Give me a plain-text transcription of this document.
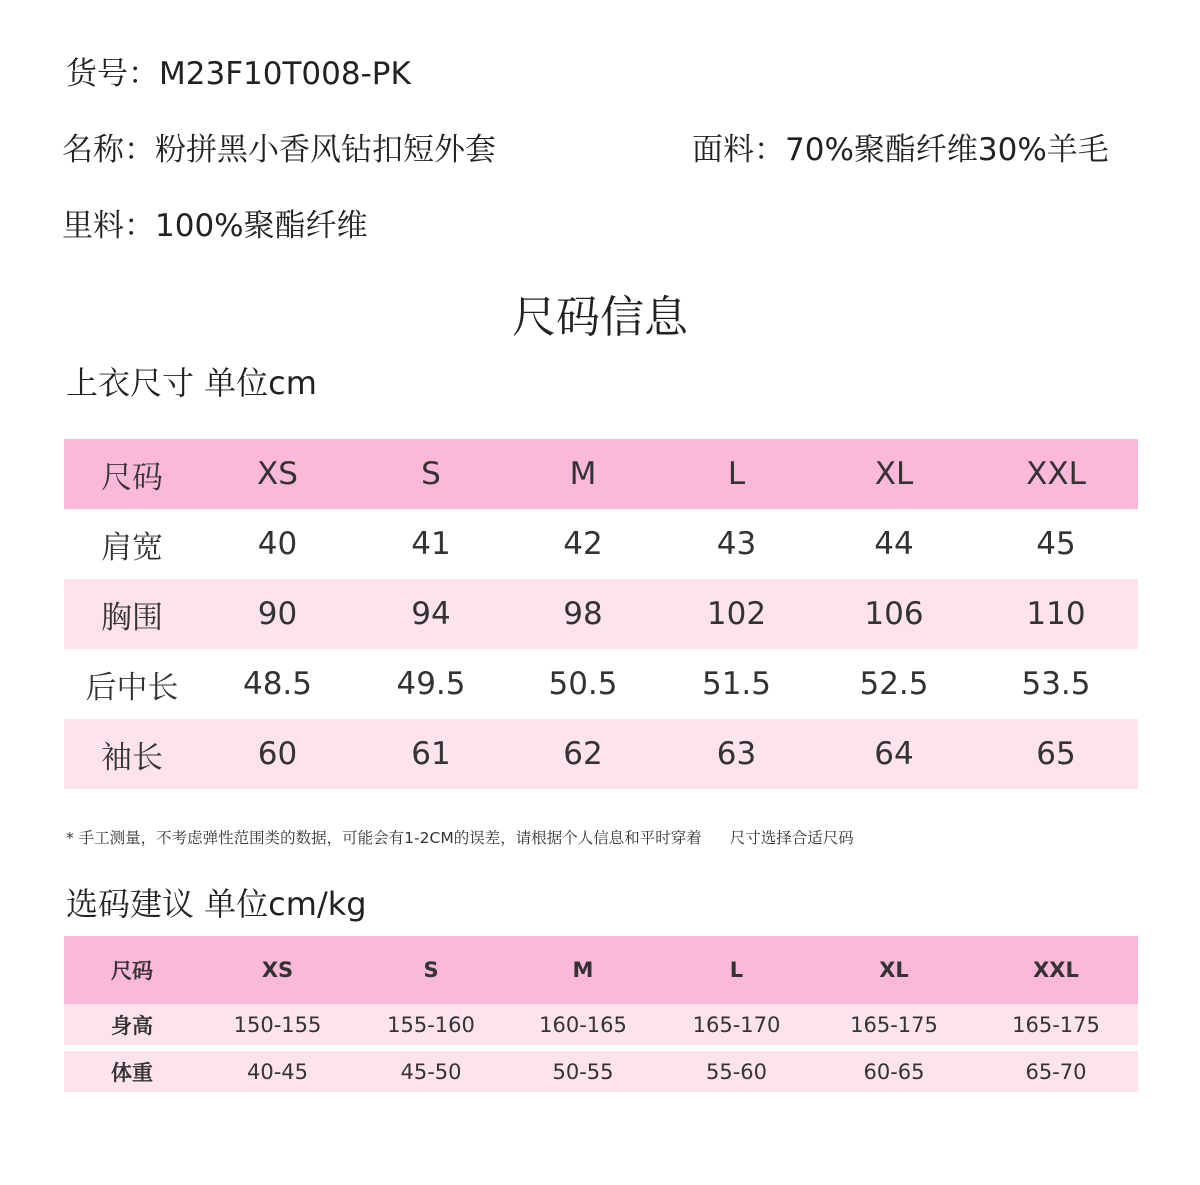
货号：M23F10T008-PK
名称：粉拼黑小香风钻扣短外套	面料：70%聚酯纤维30%羊毛
里料：100%聚酯纤维
尺码信息
上衣尺寸 单位cm
尺码	XS	S	M	L	XL	XXL
肩宽	40	41	42	43	44	45
胸围	90	94	98	102	106	110
后中长	48.5	49.5	50.5	51.5	52.5	53.5
袖长	60	61	62	63	64	65
* 手工测量，不考虑弹性范围类的数据，可能会有1-2CM的误差，请根据个人信息和平时穿着 尺寸选择合适尺码
选码建议 单位cm/kg
尺码	XS	S	M	L	XL	XXL
身高	150-155	155-160	160-165	165-170	165-175	165-175

体重	40-45	45-50	50-55	55-60	60-65	65-70
